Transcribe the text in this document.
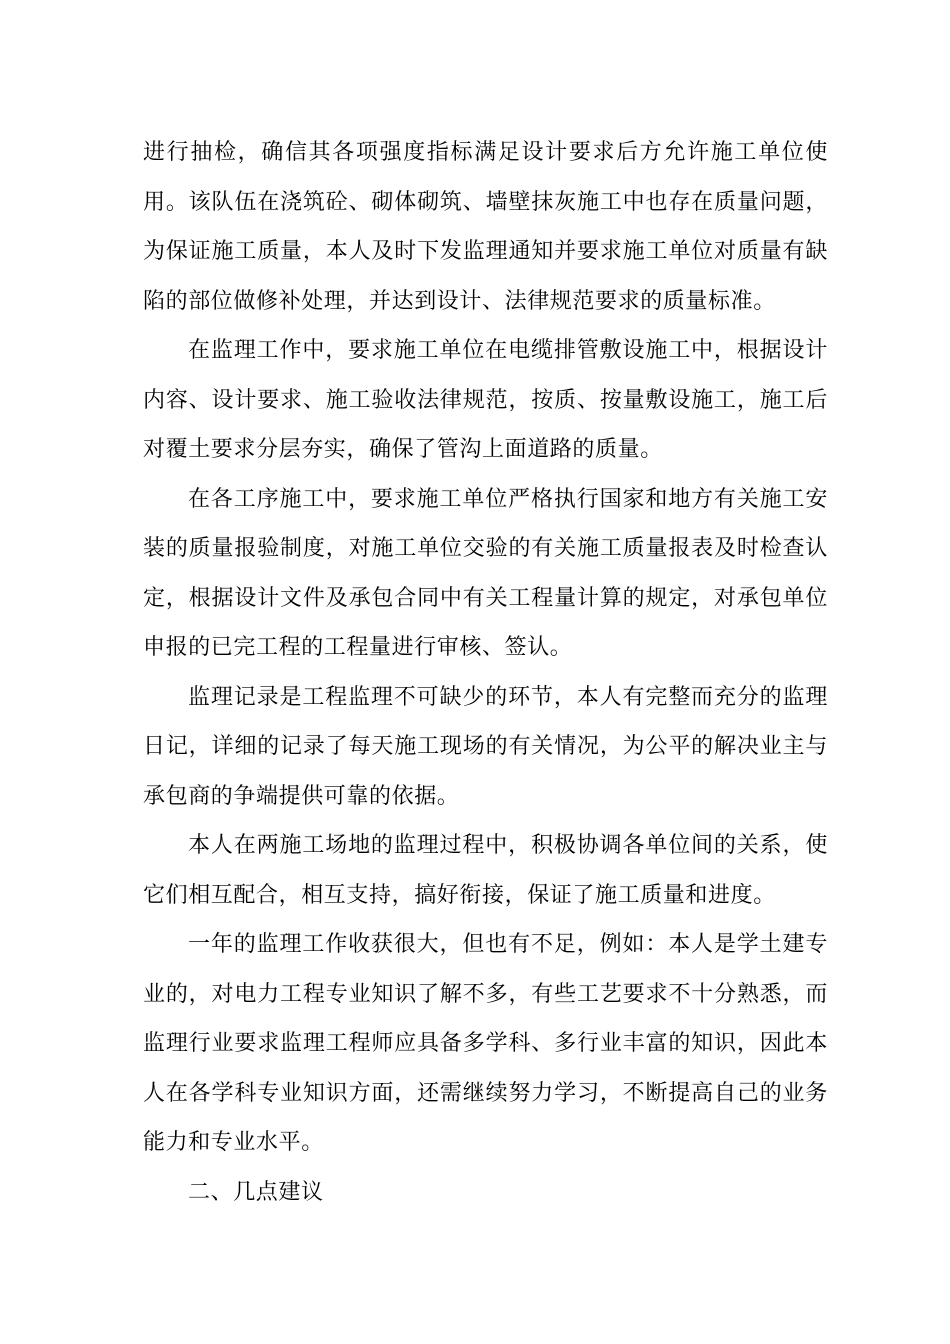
进行抽检，确信其各项强度指标满足设计要求后方允许施工单位使用。该队伍在浇筑砼、砌体砌筑、墙壁抹灰施工中也存在质量问题，为保证施工质量，本人及时下发监理通知并要求施工单位对质量有缺陷的部位做修补处理，并达到设计、法律规范要求的质量标准。

在监理工作中，要求施工单位在电缆排管敷设施工中，根据设计内容、设计要求、施工验收法律规范，按质、按量敷设施工，施工后对覆土要求分层夯实，确保了管沟上面道路的质量。

在各工序施工中，要求施工单位严格执行国家和地方有关施工安装的质量报验制度，对施工单位交验的有关施工质量报表及时检查认定，根据设计文件及承包合同中有关工程量计算的规定，对承包单位申报的已完工程的工程量进行审核、签认。

监理记录是工程监理不可缺少的环节，本人有完整而充分的监理日记，详细的记录了每天施工现场的有关情况，为公平的解决业主与承包商的争端提供可靠的依据。

本人在两施工场地的监理过程中，积极协调各单位间的关系，使它们相互配合，相互支持，搞好衔接，保证了施工质量和进度。

一年的监理工作收获很大，但也有不足，例如：本人是学土建专业的，对电力工程专业知识了解不多，有些工艺要求不十分熟悉，而监理行业要求监理工程师应具备多学科、多行业丰富的知识，因此本人在各学科专业知识方面，还需继续努力学习，不断提高自己的业务能力和专业水平。

二、几点建议
